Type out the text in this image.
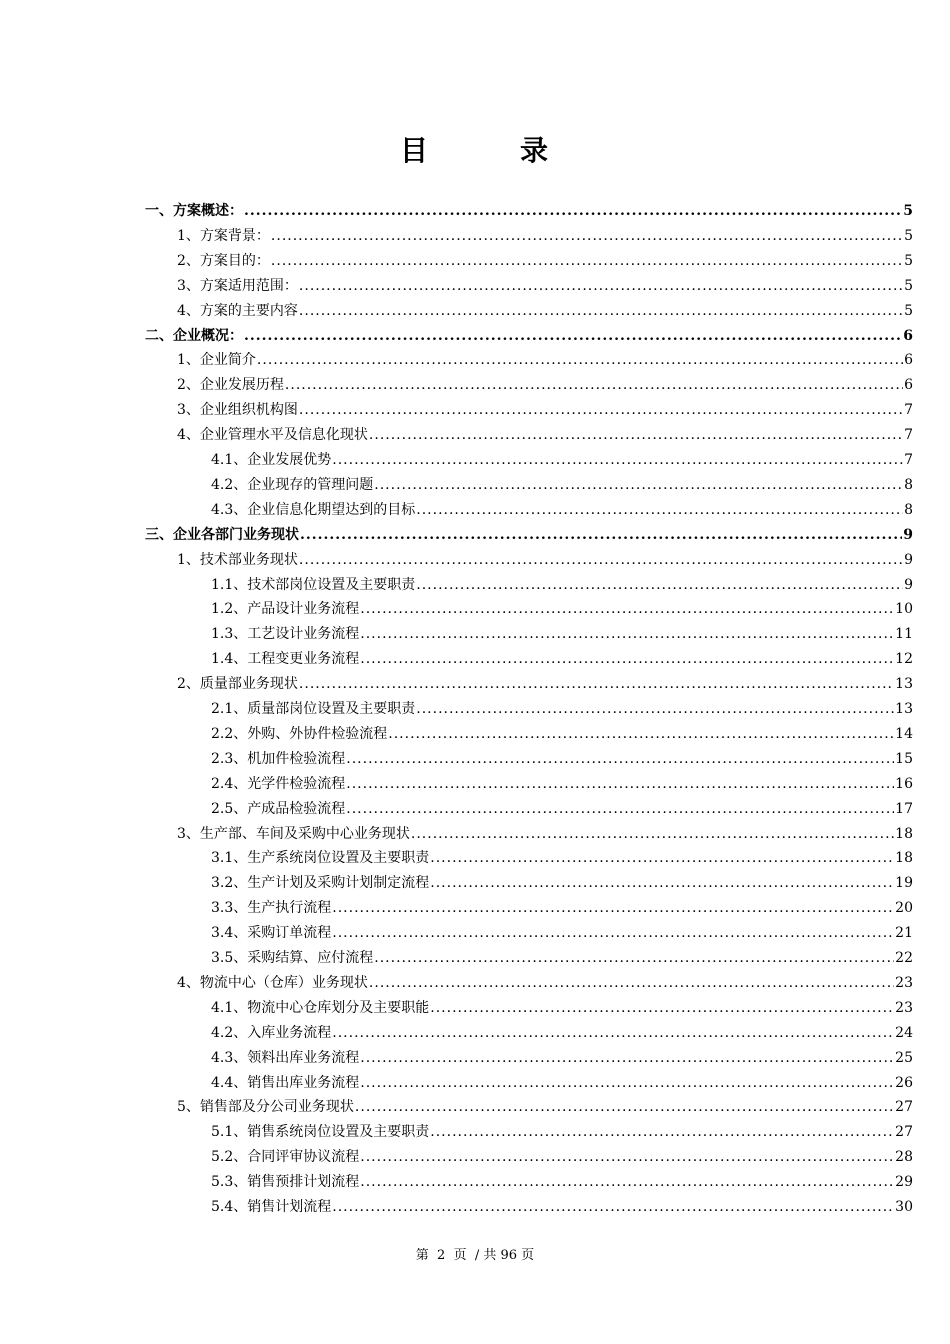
目　　　录
一、方案概述： .....	5
1、方案背景： .....	5
2、方案目的： .....	5
3、方案适用范围： .....	5
4、方案的主要内容 .....	5
二、企业概况： .....	6
1、企业简介 .....	6
2、企业发展历程 .....	6
3、企业组织机构图 .....	7
4、企业管理水平及信息化现状 .....	7
4.1、企业发展优势 .....	7
4.2、企业现存的管理问题 .....	8
4.3、企业信息化期望达到的目标 .....	8
三、企业各部门业务现状 .....	9
1、技术部业务现状 .....	9
1.1、技术部岗位设置及主要职责 .....	9
1.2、产品设计业务流程 .....	10
1.3、工艺设计业务流程 .....	11
1.4、工程变更业务流程 .....	12
2、质量部业务现状 .....	13
2.1、质量部岗位设置及主要职责 .....	13
2.2、外购、外协件检验流程 .....	14
2.3、机加件检验流程 .....	15
2.4、光学件检验流程 .....	16
2.5、产成品检验流程 .....	17
3、生产部、车间及采购中心业务现状 .....	18
3.1、生产系统岗位设置及主要职责 .....	18
3.2、生产计划及采购计划制定流程 .....	19
3.3、生产执行流程 .....	20
3.4、采购订单流程 .....	21
3.5、采购结算、应付流程 .....	22
4、物流中心（仓库）业务现状 .....	23
4.1、物流中心仓库划分及主要职能 .....	23
4.2、入库业务流程 .....	24
4.3、领料出库业务流程 .....	25
4.4、销售出库业务流程 .....	26
5、销售部及分公司业务现状 .....	27
5.1、销售系统岗位设置及主要职责 .....	27
5.2、合同评审协议流程 .....	28
5.3、销售预排计划流程 .....	29
5.4、销售计划流程 .....	30
第  2  页  / 共 96 页
